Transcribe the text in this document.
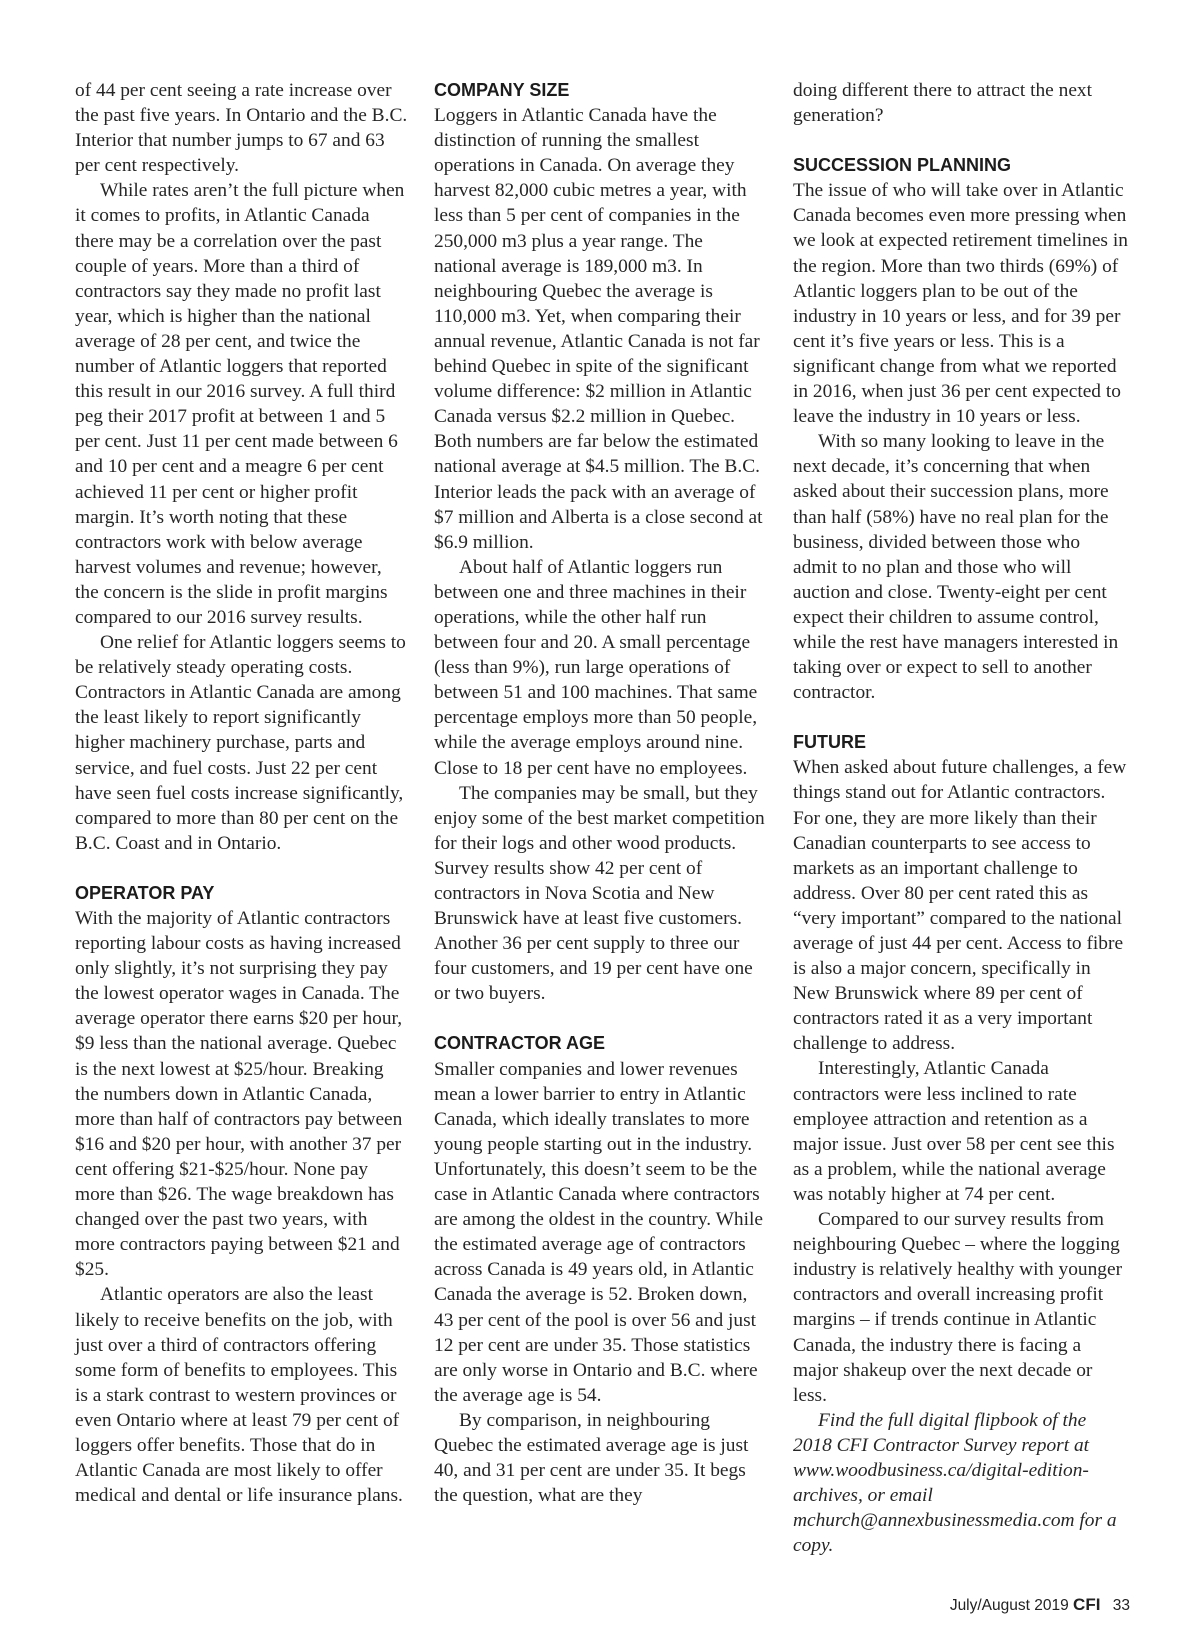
of 44 per cent seeing a rate increase over the past five years. In Ontario and the B.C. Interior that number jumps to 67 and 63 per cent respectively.

While rates aren’t the full picture when it comes to profits, in Atlantic Canada there may be a correlation over the past couple of years. More than a third of contractors say they made no profit last year, which is higher than the national average of 28 per cent, and twice the number of Atlantic loggers that reported this result in our 2016 survey. A full third peg their 2017 profit at between 1 and 5 per cent. Just 11 per cent made between 6 and 10 per cent and a meagre 6 per cent achieved 11 per cent or higher profit margin. It’s worth noting that these contractors work with below average harvest volumes and revenue; however, the concern is the slide in profit margins compared to our 2016 survey results.

One relief for Atlantic loggers seems to be relatively steady operating costs. Contractors in Atlantic Canada are among the least likely to report significantly higher machinery purchase, parts and service, and fuel costs. Just 22 per cent have seen fuel costs increase significantly, compared to more than 80 per cent on the B.C. Coast and in Ontario.

OPERATOR PAY

With the majority of Atlantic contractors reporting labour costs as having increased only slightly, it’s not surprising they pay the lowest operator wages in Canada. The average operator there earns $20 per hour, $9 less than the national average. Quebec is the next lowest at $25/hour. Breaking the numbers down in Atlantic Canada, more than half of contractors pay between $16 and $20 per hour, with another 37 per cent offering $21-$25/hour. None pay more than $26. The wage breakdown has changed over the past two years, with more contractors paying between $21 and $25.

Atlantic operators are also the least likely to receive benefits on the job, with just over a third of contractors offering some form of benefits to employees. This is a stark contrast to western provinces or even Ontario where at least 79 per cent of loggers offer benefits. Those that do in Atlantic Canada are most likely to offer medical and dental or life insurance plans.

COMPANY SIZE

Loggers in Atlantic Canada have the distinction of running the smallest operations in Canada. On average they harvest 82,000 cubic metres a year, with less than 5 per cent of companies in the 250,000 m3 plus a year range. The national average is 189,000 m3. In neighbouring Quebec the average is 110,000 m3. Yet, when comparing their annual revenue, Atlantic Canada is not far behind Quebec in spite of the significant volume difference: $2 million in Atlantic Canada versus $2.2 million in Quebec. Both numbers are far below the estimated national average at $4.5 million. The B.C. Interior leads the pack with an average of $7 million and Alberta is a close second at $6.9 million.

About half of Atlantic loggers run between one and three machines in their operations, while the other half run between four and 20. A small percentage (less than 9%), run large operations of between 51 and 100 machines. That same percentage employs more than 50 people, while the average employs around nine. Close to 18 per cent have no employees.

The companies may be small, but they enjoy some of the best market competition for their logs and other wood products. Survey results show 42 per cent of contractors in Nova Scotia and New Brunswick have at least five customers. Another 36 per cent supply to three our four customers, and 19 per cent have one or two buyers.

CONTRACTOR AGE

Smaller companies and lower revenues mean a lower barrier to entry in Atlantic Canada, which ideally translates to more young people starting out in the industry. Unfortunately, this doesn’t seem to be the case in Atlantic Canada where contractors are among the oldest in the country. While the estimated average age of contractors across Canada is 49 years old, in Atlantic Canada the average is 52. Broken down, 43 per cent of the pool is over 56 and just 12 per cent are under 35. Those statistics are only worse in Ontario and B.C. where the average age is 54.

By comparison, in neighbouring Quebec the estimated average age is just 40, and 31 per cent are under 35. It begs the question, what are they

doing different there to attract the next generation?

SUCCESSION PLANNING

The issue of who will take over in Atlantic Canada becomes even more pressing when we look at expected retirement timelines in the region. More than two thirds (69%) of Atlantic loggers plan to be out of the industry in 10 years or less, and for 39 per cent it’s five years or less. This is a significant change from what we reported in 2016, when just 36 per cent expected to leave the industry in 10 years or less.

With so many looking to leave in the next decade, it’s concerning that when asked about their succession plans, more than half (58%) have no real plan for the business, divided between those who admit to no plan and those who will auction and close. Twenty-eight per cent expect their children to assume control, while the rest have managers interested in taking over or expect to sell to another contractor.

FUTURE

When asked about future challenges, a few things stand out for Atlantic contractors. For one, they are more likely than their Canadian counterparts to see access to markets as an important challenge to address. Over 80 per cent rated this as “very important” compared to the national average of just 44 per cent. Access to fibre is also a major concern, specifically in New Brunswick where 89 per cent of contractors rated it as a very important challenge to address.

Interestingly, Atlantic Canada contractors were less inclined to rate employee attraction and retention as a major issue. Just over 58 per cent see this as a problem, while the national average was notably higher at 74 per cent.

Compared to our survey results from neighbouring Quebec – where the logging industry is relatively healthy with younger contractors and overall increasing profit margins – if trends continue in Atlantic Canada, the industry there is facing a major shakeup over the next decade or less.

Find the full digital flipbook of the 2018 CFI Contractor Survey report at www.woodbusiness.ca/digital-edition-archives, or email mchurch@annexbusinessmedia.com for a copy.

July/August 2019 CFI 33
